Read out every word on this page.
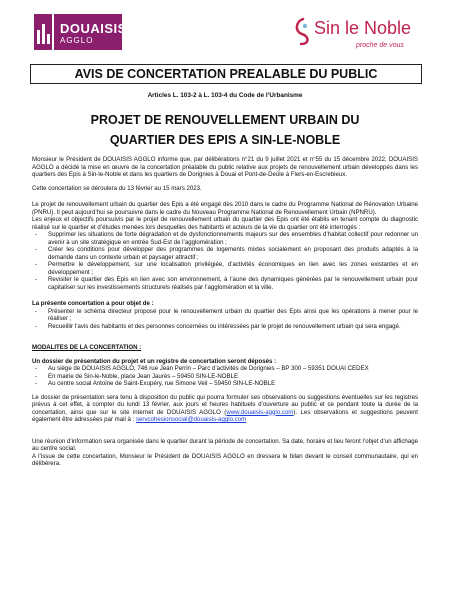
DOUAISIS
AGGLO
Sin le Noble
proche de vous
AVIS DE CONCERTATION PREALABLE DU PUBLIC
Articles L. 103-2 à L. 103-4 du Code de l’Urbanisme
PROJET DE RENOUVELLEMENT URBAIN DU
QUARTIER DES EPIS A SIN-LE-NOBLE

Monsieur le Président de DOUAISIS AGGLO informe que, par délibérations n°21 du 9 juillet 2021 et n°55 du 15 décembre 2022, DOUAISIS AGGLO a décidé la mise en œuvre de la concertation préalable du public relative aux projets de renouvellement urbain développés dans les quartiers des Epis à Sin-le-Noble et dans les quartiers de Dorignies à Douai et Pont-de-Deûle à Flers-en-Escrebieux.

Cette concertation se déroulera du 13 février au 15 mars 2023.

Le projet de renouvellement urbain du quartier des Epis a été engagé dès 2010 dans le cadre du Programme National de Rénovation Urbaine (PNRU). Il peut aujourd’hui se poursuivre dans le cadre du Nouveau Programme National de Renouvellement Urbain (NPNRU).

Les enjeux et objectifs poursuivis par le projet de renouvellement urbain du quartier des Epis ont été établis en tenant compte du diagnostic réalisé sur le quartier et d’études menées lors desquelles des habitants et acteurs de la vie du quartier ont été interrogés :

- Supprimer les situations de forte dégradation et de dysfonctionnements majeurs sur des ensembles d’habitat collectif pour redonner un avenir à un site stratégique en entrée Sud-Est de l’agglomération ;
- Créer les conditions pour développer des programmes de logements mixtes socialement en proposant des produits adaptés à la demande dans un contexte urbain et paysager attractif ;
- Permettre le développement, sur une localisation privilégiée, d’activités économiques en lien avec les zones existantes et en développement ;
- Revisiter le quartier des Epis en lien avec son environnement, à l’aune des dynamiques générées par le renouvellement urbain pour capitaliser sur les investissements structurels réalisés par l’agglomération et la ville.

La présente concertation a pour objet de :

- Présenter le schéma directeur proposé pour le renouvellement urbain du quartier des Epis ainsi que les opérations à mener pour le réaliser ;
- Recueillir l’avis des habitants et des personnes concernées ou intéressées par le projet de renouvellement urbain qui sera engagé.

MODALITES DE LA CONCERTATION :

Un dossier de présentation du projet et un registre de concertation seront déposés :

- Au siège de DOUAISIS AGGLO, 746 rue Jean Perrin – Parc d’activités de Dorignies – BP 300 – 59351 DOUAI CEDEX
- En mairie de Sin-le-Noble, place Jean Jaurès – 59450 SIN-LE-NOBLE
- Au centre social Antoine de Saint-Exupéry, rue Simone Veil – 59450 SIN-LE-NOBLE

Le dossier de présentation sera tenu à disposition du public qui pourra formuler ses observations ou suggestions éventuelles sur les registres prévus à cet effet, à compter du lundi 13 février, aux jours et heures habituels d’ouverture au public et ce pendant toute la durée de la concertation, ainsi que sur le site internet de DOUAISIS AGGLO (www.douaisis-agglo.com). Les observations et suggestions peuvent également être adressées par mail à : servcohesionsocial@douaisis-agglo.com

Une réunion d’information sera organisée dans le quartier durant la période de concertation. Sa date, horaire et lieu feront l’objet d’un affichage au centre social.

A l’issue de cette concertation, Monsieur le Président de DOUAISIS AGGLO en dressera le bilan devant le conseil communautaire, qui en délibérera.
